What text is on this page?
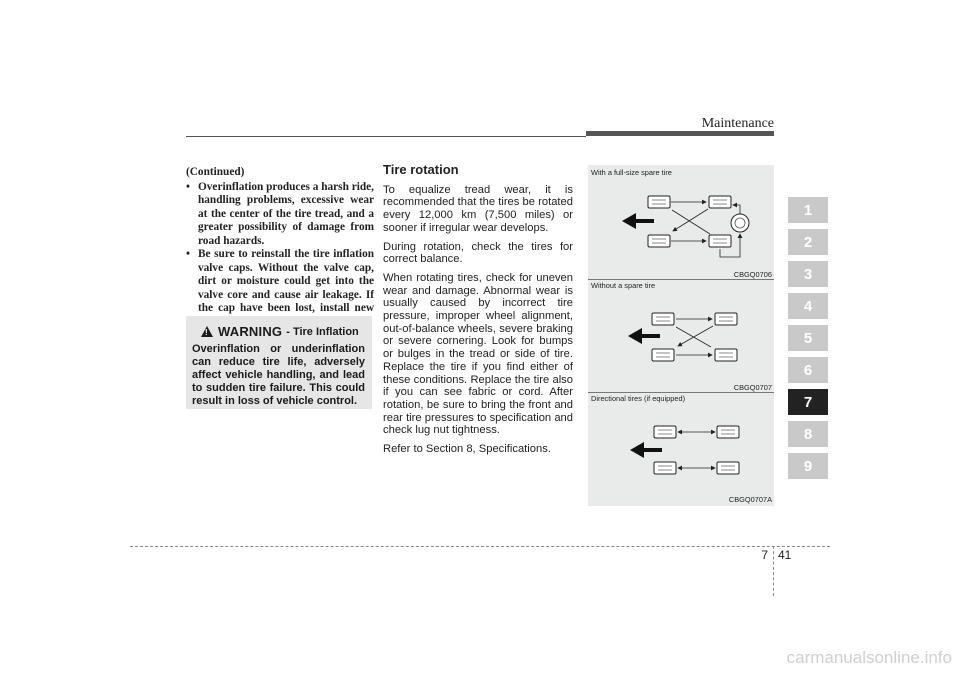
Maintenance

(Continued)

• Overinflation produces a harsh ride, handling problems, excessive wear at the center of the tire tread, and a greater possibility of damage from road hazards.
• Be sure to reinstall the tire inflation valve caps. Without the valve cap, dirt or moisture could get into the valve core and cause air leakage. If the cap have been lost, install new
!
WARNING - Tire Inflation
Overinflation or underinflation can reduce tire life, adversely affect vehicle handling, and lead to sudden tire failure. This could result in loss of vehicle control.
Tire rotation

To equalize tread wear, it is recommended that the tires be rotated every 12,000 km (7,500 miles) or sooner if irregular wear develops.

During rotation, check the tires for correct balance.

When rotating tires, check for uneven wear and damage. Abnormal wear is usually caused by incorrect tire pressure, improper wheel alignment, out-of-balance wheels, severe braking or severe cornering. Look for bumps or bulges in the tread or side of tire. Replace the tire if you find either of these conditions. Replace the tire also if you can see fabric or cord. After rotation, be sure to bring the front and rear tire pressures to specification and check lug nut tightness.

Refer to Section 8, Specifications.

With a full-size spare tire
CBGQ0706
Without a spare tire
CBGQ0707
Directional tires (if equipped)
CBGQ0707A
1
2
3
4
5
6
7
8
9
7 41
carmanualsonline.info
